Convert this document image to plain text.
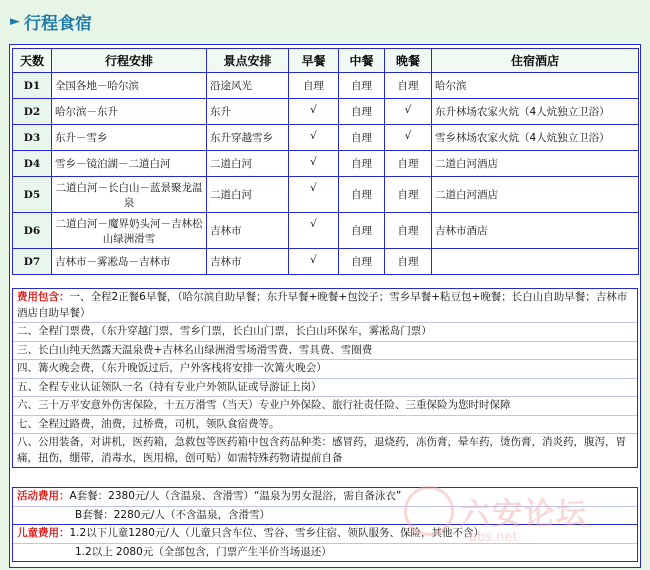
► 行程食宿
天数	行程安排	景点安排	早餐	中餐	晚餐	住宿酒店
D1	全国各地－哈尔滨	沿途风光	自理	自理	自理	哈尔滨
D2	哈尔滨－东升	东升	√	自理	√	东升林场农家火炕（4人炕独立卫浴）
D3	东升－雪乡	东升穿越雪乡	√	自理	√	雪乡林场农家火炕（4人炕独立卫浴）
D4	雪乡－镜泊湖－二道白河	二道白河	√	自理	自理	二道白河酒店
D5	二道白河－长白山－蓝景聚龙温泉	二道白河	√	自理	自理	二道白河酒店
D6	二道白河－魔界奶头河－吉林松山绿洲滑雪	吉林市	√	自理	自理	吉林市酒店
D7	吉林市－雾凇岛－吉林市	吉林市	√	自理	自理	
费用包含：一、全程2正餐6早餐，（哈尔滨自助早餐；东升早餐+晚餐+包饺子；雪乡早餐+粘豆包+晚餐；长白山自助早餐；吉林市酒店自助早餐）
二、全程门票费，（东升穿越门票，雪乡门票，长白山门票，长白山环保车，雾凇岛门票）
三、长白山纯天然露天温泉费+吉林名山绿洲滑雪场滑雪费、雪具费、雪圈费
四、篝火晚会费，（东升晚饭过后，户外客栈将安排一次篝火晚会）
五、全程专业认证领队一名（持有专业户外领队证或导游证上岗）
六、三十万平安意外伤害保险，十五万滑雪（当天）专业户外保险、旅行社责任险、三重保险为您时时保障
七、全程过路费，油费，过桥费，司机，领队食宿费等。
八、公用装备，对讲机，医药箱，急救包等医药箱中包含药品种类：感冒药，退烧药，冻伤膏，晕车药，烫伤膏，消炎药，腹泻，胃痛，扭伤，绷带，消毒水，医用棉，创可贴）如需特殊药物请提前自备
活动费用：A套餐：2380元/人（含温泉、含滑雪）“温泉为男女混浴，需自备泳衣”
B套餐：2280元/人（不含温泉，含滑雪）
儿童费用：1.2以下儿童1280元/人（儿童只含车位、雪谷、雪乡住宿、领队服务、保险，其他不含）
1.2以上 2080元（全部包含，门票产生半价当场退还）
六安论坛
-bbs.net
